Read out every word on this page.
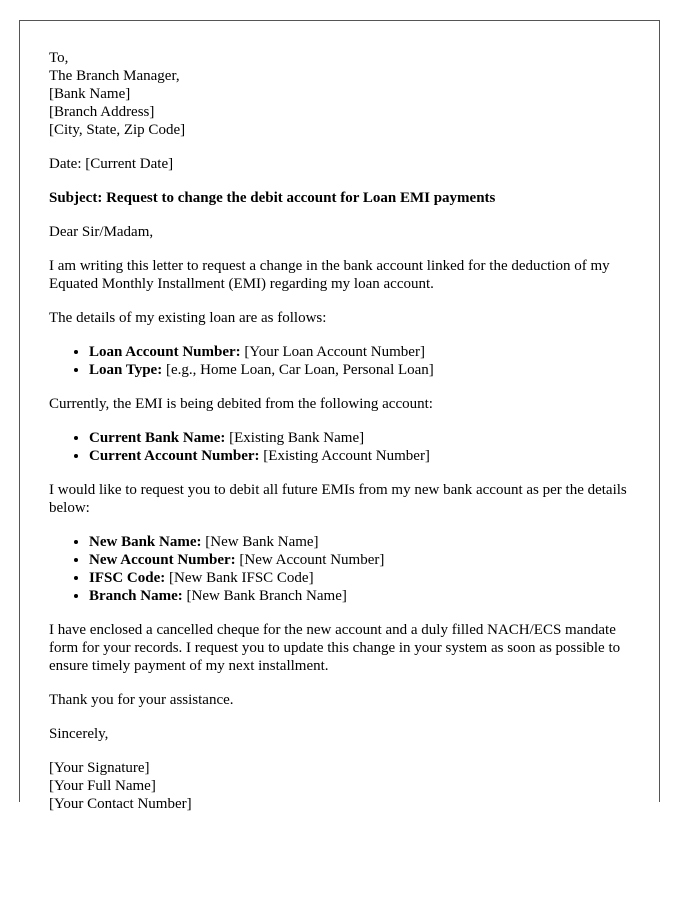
To,
The Branch Manager,
[Bank Name]
[Branch Address]
[City, State, Zip Code]

Date: [Current Date]

Subject: Request to change the debit account for Loan EMI payments

Dear Sir/Madam,

I am writing this letter to request a change in the bank account linked for the deduction of my Equated Monthly Installment (EMI) regarding my loan account.

The details of my existing loan are as follows:

• Loan Account Number: [Your Loan Account Number]
• Loan Type: [e.g., Home Loan, Car Loan, Personal Loan]

Currently, the EMI is being debited from the following account:

• Current Bank Name: [Existing Bank Name]
• Current Account Number: [Existing Account Number]

I would like to request you to debit all future EMIs from my new bank account as per the details below:

• New Bank Name: [New Bank Name]
• New Account Number: [New Account Number]
• IFSC Code: [New Bank IFSC Code]
• Branch Name: [New Bank Branch Name]

I have enclosed a cancelled cheque for the new account and a duly filled NACH/ECS mandate form for your records. I request you to update this change in your system as soon as possible to ensure timely payment of my next installment.

Thank you for your assistance.

Sincerely,

[Your Signature]
[Your Full Name]
[Your Contact Number]
